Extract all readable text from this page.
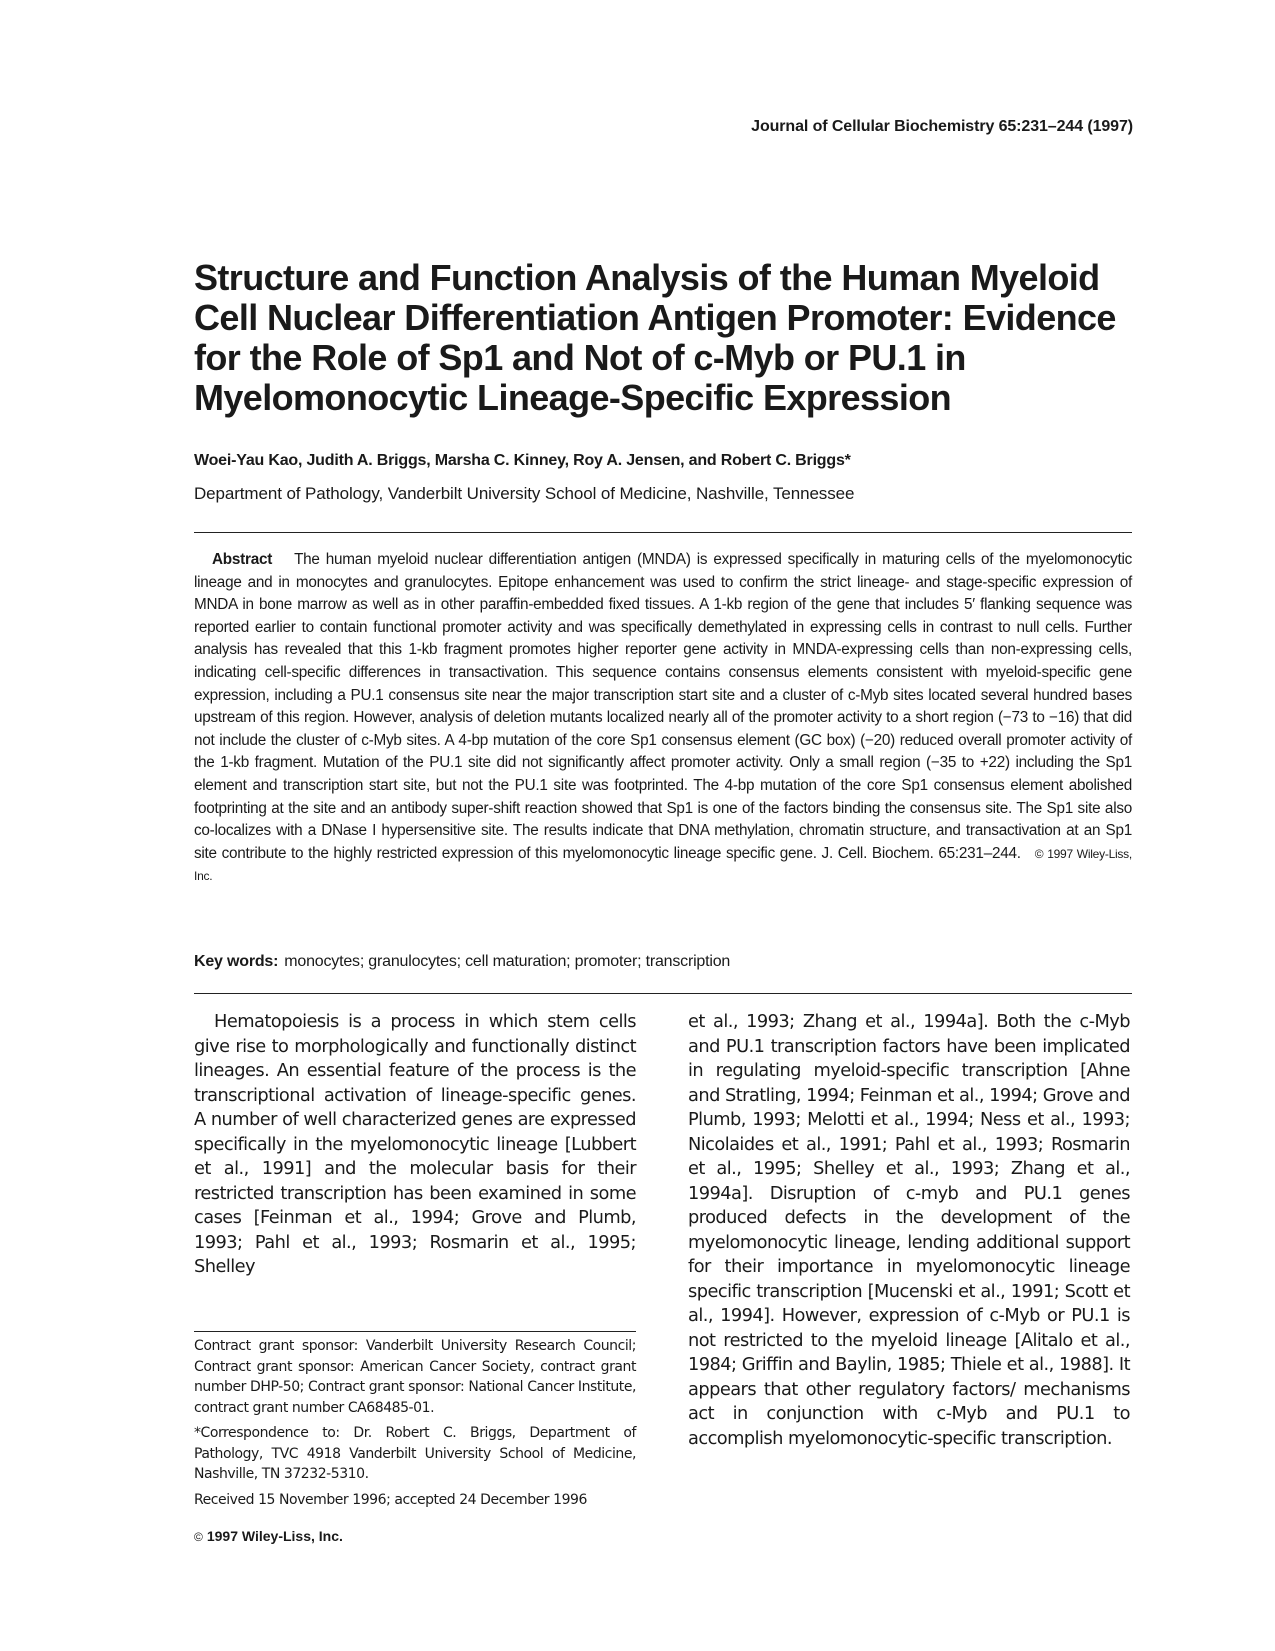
Journal of Cellular Biochemistry 65:231–244 (1997)
Structure and Function Analysis of the Human Myeloid
Cell Nuclear Differentiation Antigen Promoter: Evidence
for the Role of Sp1 and Not of c-Myb or PU.1 in
Myelomonocytic Lineage-Specific Expression
Woei-Yau Kao, Judith A. Briggs, Marsha C. Kinney, Roy A. Jensen, and Robert C. Briggs*
Department of Pathology, Vanderbilt University School of Medicine, Nashville, Tennessee

Abstract The human myeloid nuclear differentiation antigen (MNDA) is expressed specifically in maturing cells of the myelomonocytic lineage and in monocytes and granulocytes. Epitope enhancement was used to confirm the strict lineage- and stage-specific expression of MNDA in bone marrow as well as in other paraffin-embedded fixed tissues. A 1-kb region of the gene that includes 5′ flanking sequence was reported earlier to contain functional promoter activity and was specifically demethylated in expressing cells in contrast to null cells. Further analysis has revealed that this 1-kb fragment promotes higher reporter gene activity in MNDA-expressing cells than non-expressing cells, indicating cell-specific differences in transactivation. This sequence contains consensus elements consistent with myeloid-specific gene expression, including a PU.1 consensus site near the major transcription start site and a cluster of c-Myb sites located several hundred bases upstream of this region. However, analysis of deletion mutants localized nearly all of the promoter activity to a short region (−73 to −16) that did not include the cluster of c-Myb sites. A 4-bp mutation of the core Sp1 consensus element (GC box) (−20) reduced overall promoter activity of the 1-kb fragment. Mutation of the PU.1 site did not significantly affect promoter activity. Only a small region (−35 to +22) including the Sp1 element and transcription start site, but not the PU.1 site was footprinted. The 4-bp mutation of the core Sp1 consensus element abolished footprinting at the site and an antibody super-shift reaction showed that Sp1 is one of the factors binding the consensus site. The Sp1 site also co-localizes with a DNase I hypersensitive site. The results indicate that DNA methylation, chromatin structure, and transactivation at an Sp1 site contribute to the highly restricted expression of this myelomonocytic lineage specific gene. J. Cell. Biochem. 65:231–244. © 1997 Wiley-Liss, Inc.

Key words: monocytes; granulocytes; cell maturation; promoter; transcription

Hematopoiesis is a process in which stem cells give rise to morphologically and functionally distinct lineages. An essential feature of the process is the transcriptional activation of lineage-specific genes. A number of well characterized genes are expressed specifically in the myelomonocytic lineage [Lubbert et al., 1991] and the molecular basis for their restricted transcription has been examined in some cases [Feinman et al., 1994; Grove and Plumb, 1993; Pahl et al., 1993; Rosmarin et al., 1995; Shelley

et al., 1993; Zhang et al., 1994a]. Both the c-Myb and PU.1 transcription factors have been implicated in regulating myeloid-specific transcription [Ahne and Stratling, 1994; Feinman et al., 1994; Grove and Plumb, 1993; Melotti et al., 1994; Ness et al., 1993; Nicolaides et al., 1991; Pahl et al., 1993; Rosmarin et al., 1995; Shelley et al., 1993; Zhang et al., 1994a]. Disruption of c-myb and PU.1 genes produced defects in the development of the myelomonocytic lineage, lending additional support for their importance in myelomonocytic lineage specific transcription [Mucenski et al., 1991; Scott et al., 1994]. However, expression of c-Myb or PU.1 is not restricted to the myeloid lineage [Alitalo et al., 1984; Griffin and Baylin, 1985; Thiele et al., 1988]. It appears that other regulatory factors/ mechanisms act in conjunction with c-Myb and PU.1 to accomplish myelomonocytic-specific transcription.

Contract grant sponsor: Vanderbilt University Research Council; Contract grant sponsor: American Cancer Society, contract grant number DHP-50; Contract grant sponsor: National Cancer Institute, contract grant number CA68485-01.

*Correspondence to: Dr. Robert C. Briggs, Department of Pathology, TVC 4918 Vanderbilt University School of Medicine, Nashville, TN 37232-5310.

Received 15 November 1996; accepted 24 December 1996

© 1997 Wiley-Liss, Inc.
